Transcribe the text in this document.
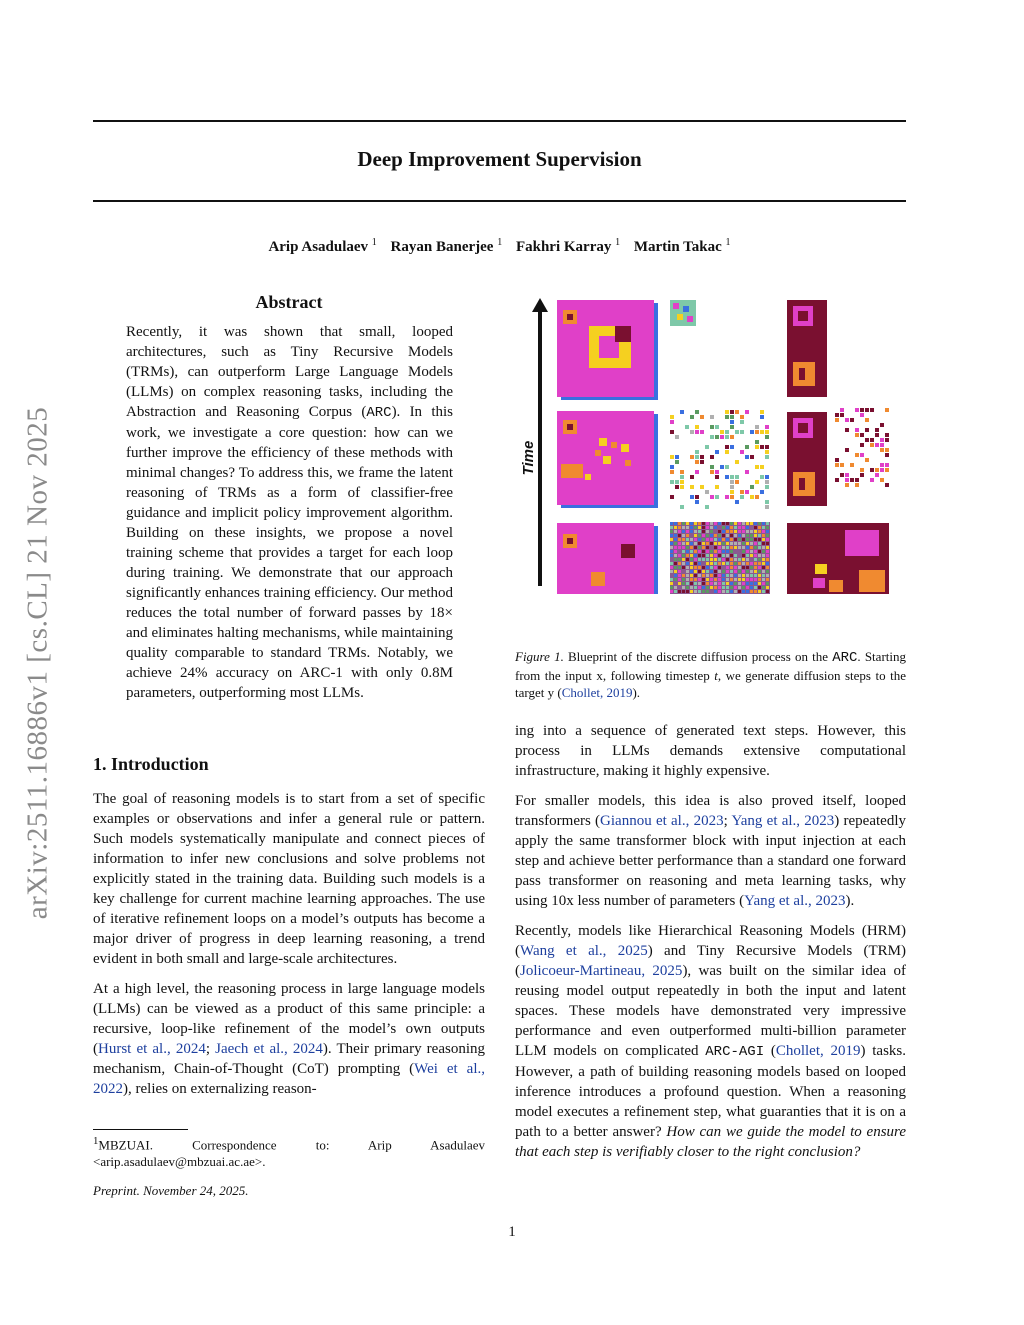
arXiv:2511.16886v1 [cs.CL] 21 Nov 2025
Deep Improvement Supervision
Arip Asadulaev $^1$ Rayan Banerjee $^1$ Fakhri Karray $^1$ Martin Takac $^1$
Abstract
Recently, it was shown that small, looped architectures, such as Tiny Recursive Models (TRMs), can outperform Large Language Models (LLMs) on complex reasoning tasks, including the Abstraction and Reasoning Corpus (ARC). In this work, we investigate a core question: how can we further improve the efficiency of these methods with minimal changes? To address this, we frame the latent reasoning of TRMs as a form of classifier-free guidance and implicit policy improvement algorithm. Building on these insights, we propose a novel training scheme that provides a target for each loop during training. We demonstrate that our approach significantly enhances training efficiency. Our method reduces the total number of forward passes by 18× and eliminates halting mechanisms, while maintaining quality comparable to standard TRMs. Notably, we achieve 24% accuracy on ARC-1 with only 0.8M parameters, outperforming most LLMs.
1. Introduction

The goal of reasoning models is to start from a set of specific examples or observations and infer a general rule or pattern. Such models systematically manipulate and connect pieces of information to infer new conclusions and solve problems not explicitly stated in the training data. Building such models is a key challenge for current machine learning approaches. The use of iterative refinement loops on a model’s outputs has become a major driver of progress in deep learning reasoning, a trend evident in both small and large-scale architectures.

At a high level, the reasoning process in large language models (LLMs) can be viewed as a product of this same principle: a recursive, loop-like refinement of the model’s own outputs (Hurst et al., 2024; Jaech et al., 2024). Their primary reasoning mechanism, Chain-of-Thought (CoT) prompting (Wei et al., 2022), relies on externalizing reason-

$^1$MBZUAI. Correspondence to: Arip Asadulaev <arip.asadulaev@mbzuai.ac.ae>.
Preprint. November 24, 2025.
Time
Figure 1. Blueprint of the discrete diffusion process on the ARC. Starting from the input x, following timestep t, we generate diffusion steps to the target y (Chollet, 2019).

ing into a sequence of generated text steps. However, this process in LLMs demands extensive computational infrastructure, making it highly expensive.

For smaller models, this idea is also proved itself, looped transformers (Giannou et al., 2023; Yang et al., 2023) repeatedly apply the same transformer block with input injection at each step and achieve better performance than a standard one forward pass transformer on reasoning and meta learning tasks, why using 10x less number of parameters (Yang et al., 2023).

Recently, models like Hierarchical Reasoning Models (HRM) (Wang et al., 2025) and Tiny Recursive Models (TRM) (Jolicoeur-Martineau, 2025), was built on the similar idea of reusing model output repeatedly in both the input and latent spaces. These models have demonstrated very impressive performance and even outperformed multi-billion parameter LLM models on complicated ARC-AGI (Chollet, 2019) tasks. However, a path of building reasoning models based on looped inference introduces a profound question. When a reasoning model executes a refinement step, what guaranties that it is on a path to a better answer? How can we guide the model to ensure that each step is verifiably closer to the right conclusion?

1
